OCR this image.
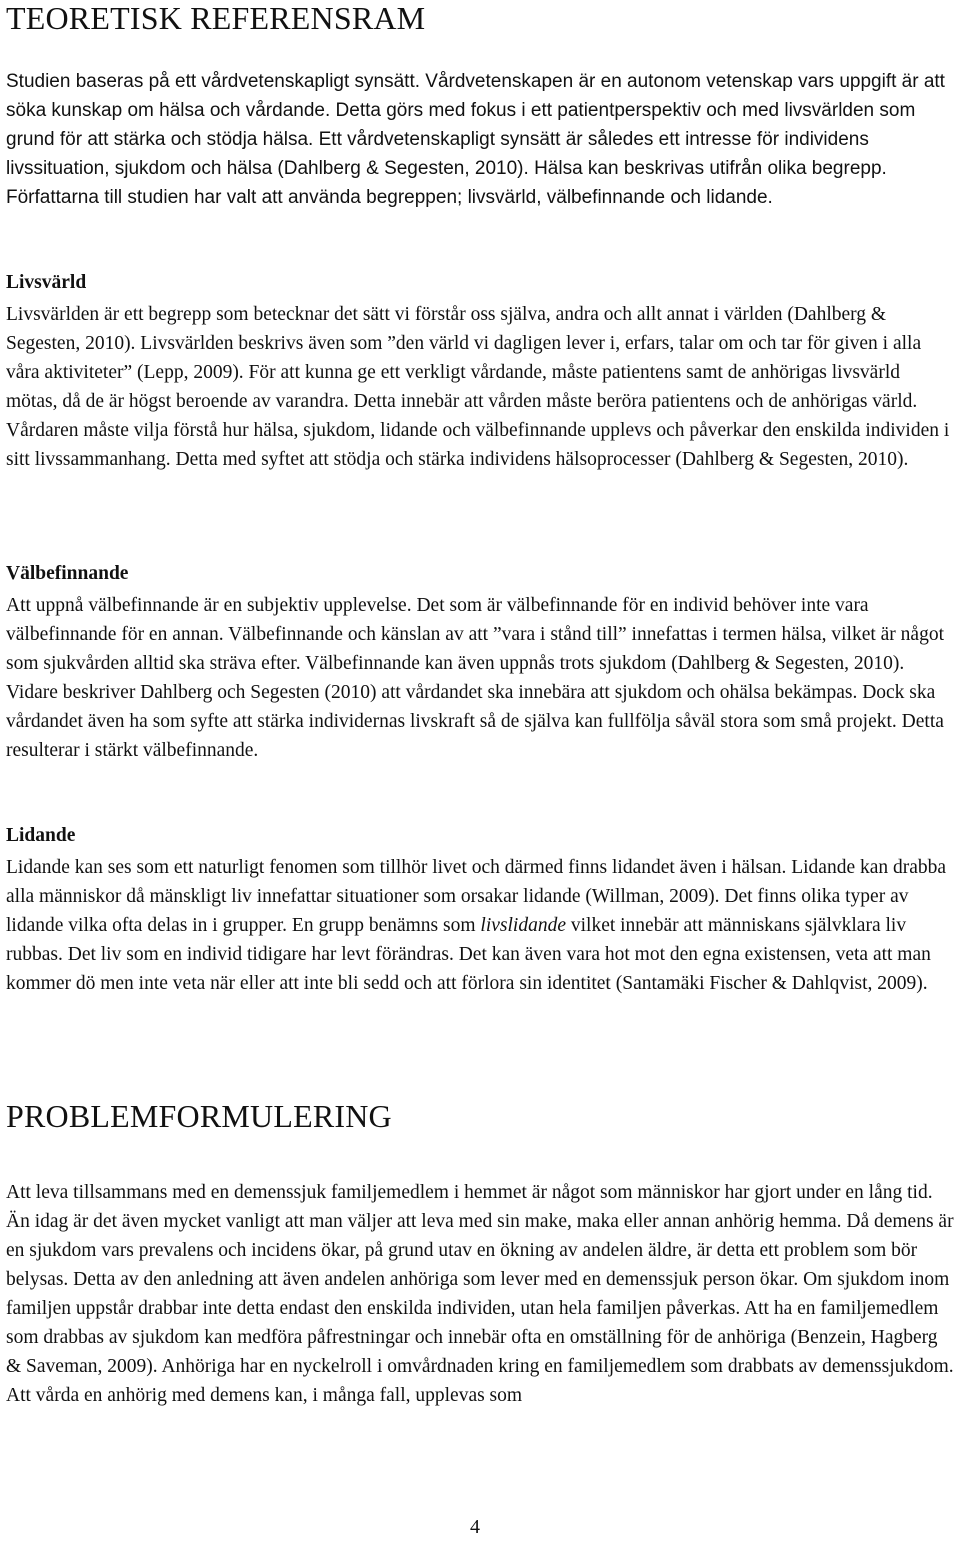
TEORETISK REFERENSRAM

Studien baseras på ett vårdvetenskapligt synsätt. Vårdvetenskapen är en autonom vetenskap vars uppgift är att söka kunskap om hälsa och vårdande. Detta görs med fokus i ett patientperspektiv och med livsvärlden som grund för att stärka och stödja hälsa. Ett vårdvetenskapligt synsätt är således ett intresse för individens livssituation, sjukdom och hälsa (Dahlberg & Segesten, 2010). Hälsa kan beskrivas utifrån olika begrepp. Författarna till studien har valt att använda begreppen; livsvärld, välbefinnande och lidande.

Livsvärld

Livsvärlden är ett begrepp som betecknar det sätt vi förstår oss själva, andra och allt annat i världen (Dahlberg & Segesten, 2010). Livsvärlden beskrivs även som ”den värld vi dagligen lever i, erfars, talar om och tar för given i alla våra aktiviteter” (Lepp, 2009). För att kunna ge ett verkligt vårdande, måste patientens samt de anhörigas livsvärld mötas, då de är högst beroende av varandra. Detta innebär att vården måste beröra patientens och de anhörigas värld. Vårdaren måste vilja förstå hur hälsa, sjukdom, lidande och välbefinnande upplevs och påverkar den enskilda individen i sitt livssammanhang. Detta med syftet att stödja och stärka individens hälsoprocesser (Dahlberg & Segesten, 2010).

Välbefinnande

Att uppnå välbefinnande är en subjektiv upplevelse. Det som är välbefinnande för en individ behöver inte vara välbefinnande för en annan. Välbefinnande och känslan av att ”vara i stånd till” innefattas i termen hälsa, vilket är något som sjukvården alltid ska sträva efter. Välbefinnande kan även uppnås trots sjukdom (Dahlberg & Segesten, 2010). Vidare beskriver Dahlberg och Segesten (2010) att vårdandet ska innebära att sjukdom och ohälsa bekämpas. Dock ska vårdandet även ha som syfte att stärka individernas livskraft så de själva kan fullfölja såväl stora som små projekt. Detta resulterar i stärkt välbefinnande.

Lidande

Lidande kan ses som ett naturligt fenomen som tillhör livet och därmed finns lidandet även i hälsan. Lidande kan drabba alla människor då mänskligt liv innefattar situationer som orsakar lidande (Willman, 2009). Det finns olika typer av lidande vilka ofta delas in i grupper. En grupp benämns som livslidande vilket innebär att människans självklara liv rubbas. Det liv som en individ tidigare har levt förändras. Det kan även vara hot mot den egna existensen, veta att man kommer dö men inte veta när eller att inte bli sedd och att förlora sin identitet (Santamäki Fischer & Dahlqvist, 2009).

PROBLEMFORMULERING

Att leva tillsammans med en demenssjuk familjemedlem i hemmet är något som människor har gjort under en lång tid. Än idag är det även mycket vanligt att man väljer att leva med sin make, maka eller annan anhörig hemma. Då demens är en sjukdom vars prevalens och incidens ökar, på grund utav en ökning av andelen äldre, är detta ett problem som bör belysas. Detta av den anledning att även andelen anhöriga som lever med en demenssjuk person ökar. Om sjukdom inom familjen uppstår drabbar inte detta endast den enskilda individen, utan hela familjen påverkas. Att ha en familjemedlem som drabbas av sjukdom kan medföra påfrestningar och innebär ofta en omställning för de anhöriga (Benzein, Hagberg & Saveman, 2009). Anhöriga har en nyckelroll i omvårdnaden kring en familjemedlem som drabbats av demenssjukdom. Att vårda en anhörig med demens kan, i många fall, upplevas som

4
